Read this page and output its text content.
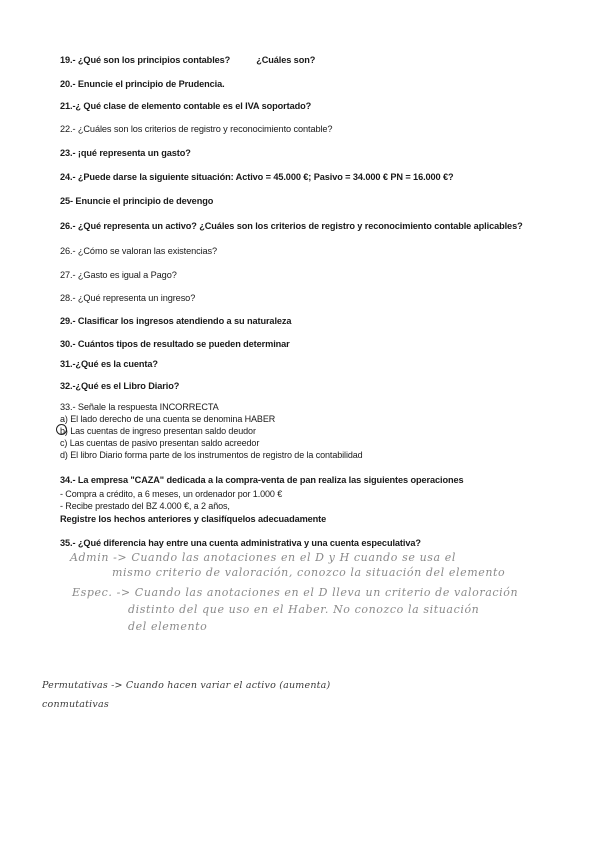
19.- ¿Qué son los principios contables?	¿Cuáles son?
20.- Enuncie el principio de Prudencia.
21.-¿ Qué clase de elemento contable es el IVA soportado?
22.- ¿Cuáles son los criterios de registro y reconocimiento contable?
23.- ¡qué representa un gasto?
24.- ¿Puede darse la siguiente situación: Activo = 45.000 €; Pasivo = 34.000 € PN = 16.000 €?
25- Enuncie el principio de devengo
26.- ¿Qué representa un activo? ¿Cuáles son los criterios de registro y reconocimiento contable aplicables?
26.- ¿Cómo se valoran las existencias?
27.- ¿Gasto es igual a Pago?
28.- ¿Qué representa un ingreso?
29.- Clasificar los ingresos atendiendo a su naturaleza
30.- Cuántos tipos de resultado se pueden determinar
31.-¿Qué es la cuenta?
32.-¿Qué es el Libro Diario?
33.- Señale la respuesta INCORRECTA
a) El lado derecho de una cuenta se denomina HABER
b) Las cuentas de ingreso presentan saldo deudor
c) Las cuentas de pasivo presentan saldo acreedor
d) El libro Diario forma parte de los instrumentos de registro de la contabilidad
34.- La empresa "CAZA" dedicada a la compra-venta de pan realiza las siguientes operaciones
- Compra a crédito, a 6 meses, un ordenador por 1.000 €
- Recibe prestado del BZ 4.000 €, a 2 años,
Registre los hechos anteriores y clasifíquelos adecuadamente
35.- ¿Qué diferencia hay entre una cuenta administrativa y una cuenta especulativa?
Admin -> Cuando las anotaciones en el D y H cuando se usa el
mismo criterio de valoración, conozco la situación del elemento
Espec. -> Cuando las anotaciones en el D lleva un criterio de valoración
distinto del que uso en el Haber. No conozco la situación
del elemento
Permutativas -> Cuando hacen variar el activo (aumenta)
conmutativas
